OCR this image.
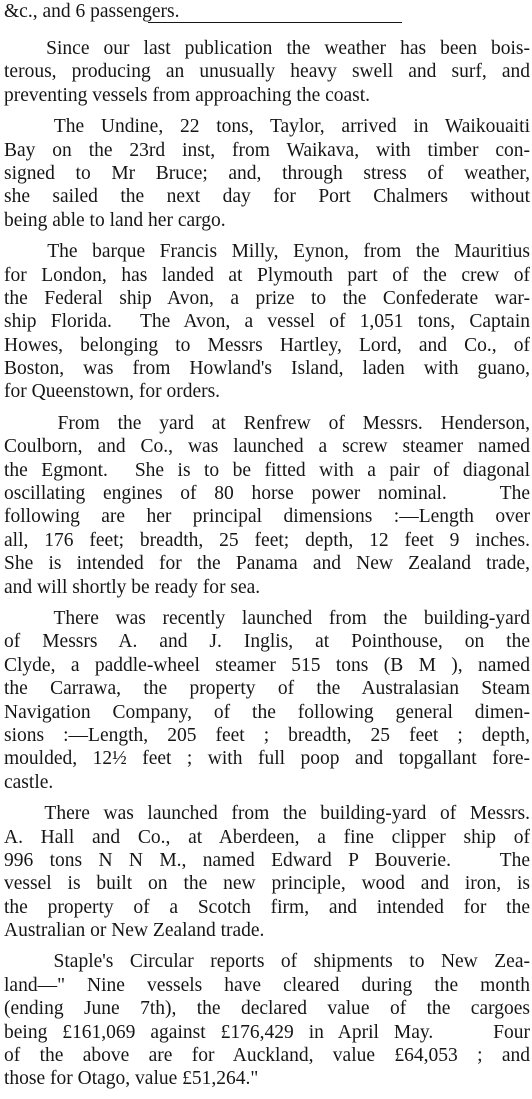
&c., and 6 passengers.
Since our last publication the weather has been bois-
terous, producing an unusually heavy swell and surf, and
preventing vessels from approaching the coast.
The Undine, 22 tons, Taylor, arrived in Waikouaiti
Bay on the 23rd inst, from Waikava, with timber con-
signed to Mr Bruce; and, through stress of weather,
she sailed the next day for Port Chalmers without
being able to land her cargo.
The barque Francis Milly, Eynon, from the Mauritius
for London, has landed at Plymouth part of the crew of
the Federal ship Avon, a prize to the Confederate war-
ship Florida.  The Avon, a vessel of 1,051 tons, Captain
Howes, belonging to Messrs Hartley, Lord, and Co., of
Boston, was from Howland's Island, laden with guano,
for Queenstown, for orders.
From the yard at Renfrew of Messrs. Henderson,
Coulborn, and Co., was launched a screw steamer named
the Egmont.  She is to be fitted with a pair of diagonal
oscillating engines of 80 horse power nominal.   The
following are her principal dimensions :—Length over
all, 176 feet; breadth, 25 feet; depth, 12 feet 9 inches.
She is intended for the Panama and New Zealand trade,
and will shortly be ready for sea.
There was recently launched from the building-yard
of Messrs A. and J. Inglis, at Pointhouse, on the
Clyde, a paddle-wheel steamer 515 tons (B M ), named
the Carrawa, the property of the Australasian Steam
Navigation Company, of the following general dimen-
sions :—Length, 205 feet ; breadth, 25 feet ; depth,
moulded, 12½ feet ; with full poop and topgallant fore-
castle.
There was launched from the building-yard of Messrs.
A. Hall and Co., at Aberdeen, a fine clipper ship of
996 tons N N M., named Edward P Bouverie.   The
vessel is built on the new principle, wood and iron, is
the property of a Scotch firm, and intended for the
Australian or New Zealand trade.
Staple's Circular reports of shipments to New Zea-
land—" Nine vessels have cleared during the month
(ending June 7th), the declared value of the cargoes
being £161,069 against £176,429 in April May.    Four
of the above are for Auckland, value £64,053 ; and
those for Otago, value £51,264."
